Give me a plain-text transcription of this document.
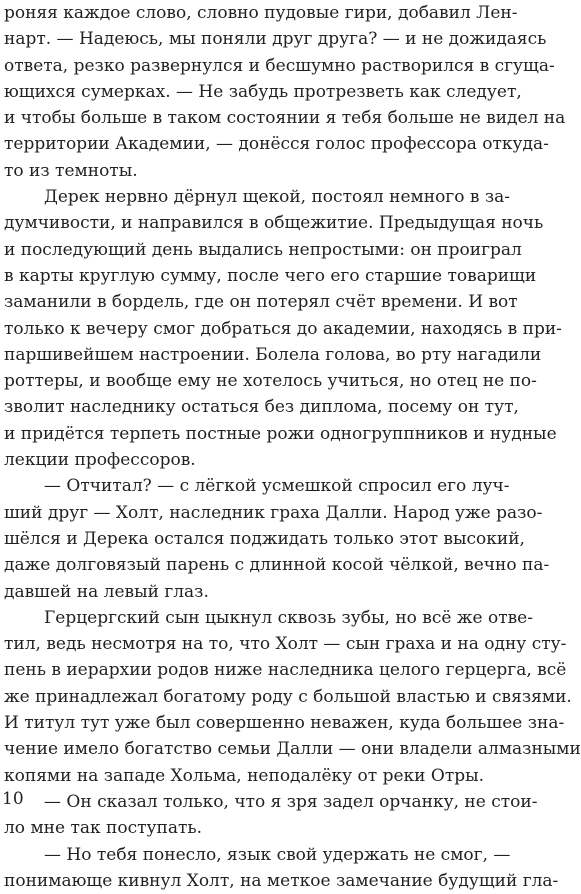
роняя каждое слово, словно пудовые гири, добавил Лен-
нарт. — Надеюсь, мы поняли друг друга? — и не дожидаясь
ответа, резко развернулся и бесшумно растворился в сгуща-
ющихся сумерках. — Не забудь протрезветь как следует,
и чтобы больше в таком состоянии я тебя больше не видел на
территории Академии, — донёсся голос профессора откуда-
то из темноты.
Дерек нервно дёрнул щекой, постоял немного в за-
думчивости, и направился в общежитие. Предыдущая ночь
и последующий день выдались непростыми: он проиграл
в карты круглую сумму, после чего его старшие товарищи
заманили в бордель, где он потерял счёт времени. И вот
только к вечеру смог добраться до академии, находясь в при-
паршивейшем настроении. Болела голова, во рту нагадили
роттеры, и вообще ему не хотелось учиться, но отец не по-
зволит наследнику остаться без диплома, посему он тут,
и придётся терпеть постные рожи одногруппников и нудные
лекции профессоров.
— Отчитал? — с лёгкой усмешкой спросил его луч-
ший друг — Холт, наследник граха Далли. Народ уже разо-
шёлся и Дерека остался поджидать только этот высокий,
даже долговязый парень с длинной косой чёлкой, вечно па-
давшей на левый глаз.
Герцергский сын цыкнул сквозь зубы, но всё же отве-
тил, ведь несмотря на то, что Холт — сын граха и на одну сту-
пень в иерархии родов ниже наследника целого герцерга, всё
же принадлежал богатому роду с большой властью и связями.
И титул тут уже был совершенно неважен, куда большее зна-
чение имело богатство семьи Далли — они владели алмазными
копями на западе Хольма, неподалёку от реки Отры.
— Он сказал только, что я зря задел орчанку, не стои-
ло мне так поступать.
— Но тебя понесло, язык свой удержать не смог, —
понимающе кивнул Холт, на меткое замечание будущий гла-
10
